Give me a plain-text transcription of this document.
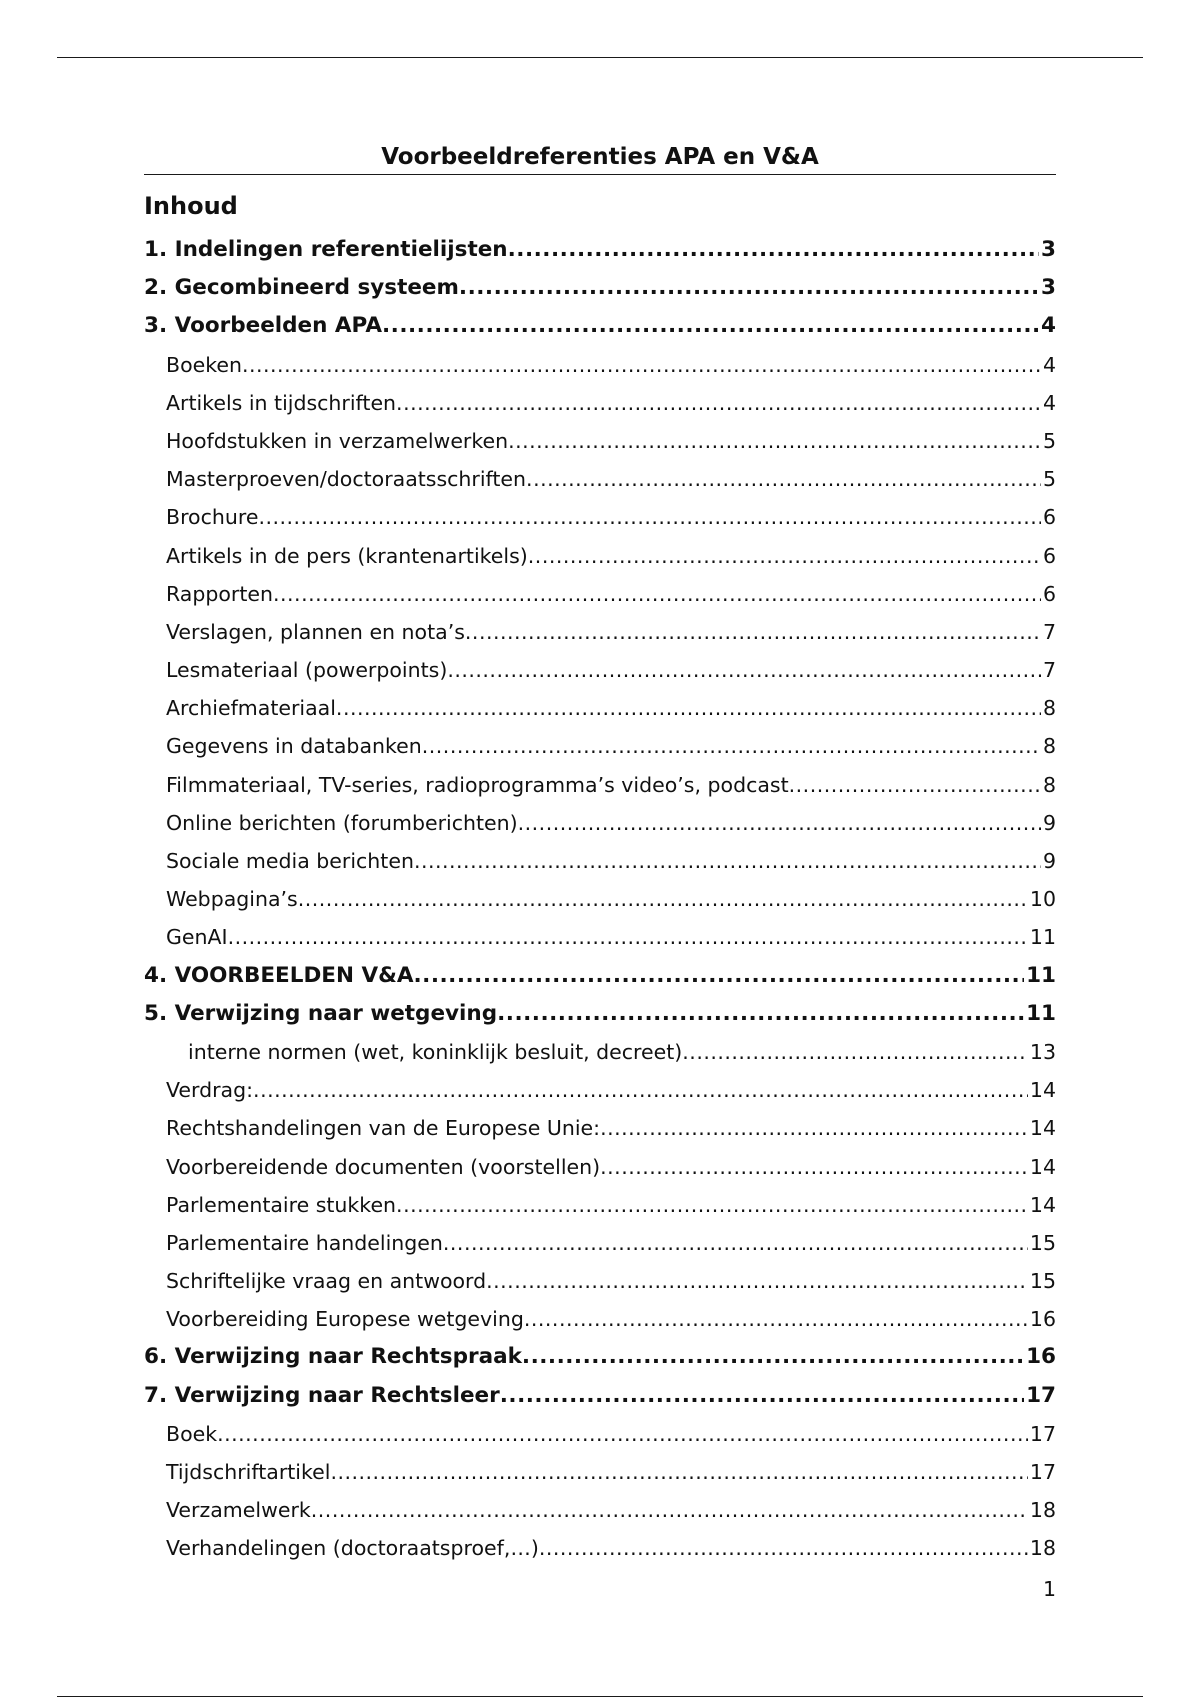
Voorbeeldreferenties APA en V&A
Inhoud
1. Indelingen referentielijsten .....	3
2. Gecombineerd systeem .....	3
3. Voorbeelden APA .....	4
Boeken .....	4
Artikels in tijdschriften .....	4
Hoofdstukken in verzamelwerken .....	5
Masterproeven/doctoraatsschriften .....	5
Brochure .....	6
Artikels in de pers (krantenartikels) .....	6
Rapporten .....	6
Verslagen, plannen en nota’s .....	7
Lesmateriaal (powerpoints) .....	7
Archiefmateriaal .....	8
Gegevens in databanken .....	8
Filmmateriaal, TV-series, radioprogramma’s video’s, podcast .....	8
Online berichten (forumberichten) .....	9
Sociale media berichten .....	9
Webpagina’s .....	10
GenAI .....	11
4. VOORBEELDEN V&A .....	11
5. Verwijzing naar wetgeving .....	11
interne normen (wet, koninklijk besluit, decreet) .....	13
Verdrag: .....	14
Rechtshandelingen van de Europese Unie: .....	14
Voorbereidende documenten (voorstellen) .....	14
Parlementaire stukken .....	14
Parlementaire handelingen .....	15
Schriftelijke vraag en antwoord .....	15
Voorbereiding Europese wetgeving .....	16
6. Verwijzing naar Rechtspraak .....	16
7. Verwijzing naar Rechtsleer .....	17
Boek .....	17
Tijdschriftartikel .....	17
Verzamelwerk .....	18
Verhandelingen (doctoraatsproef,…) .....	18
1
